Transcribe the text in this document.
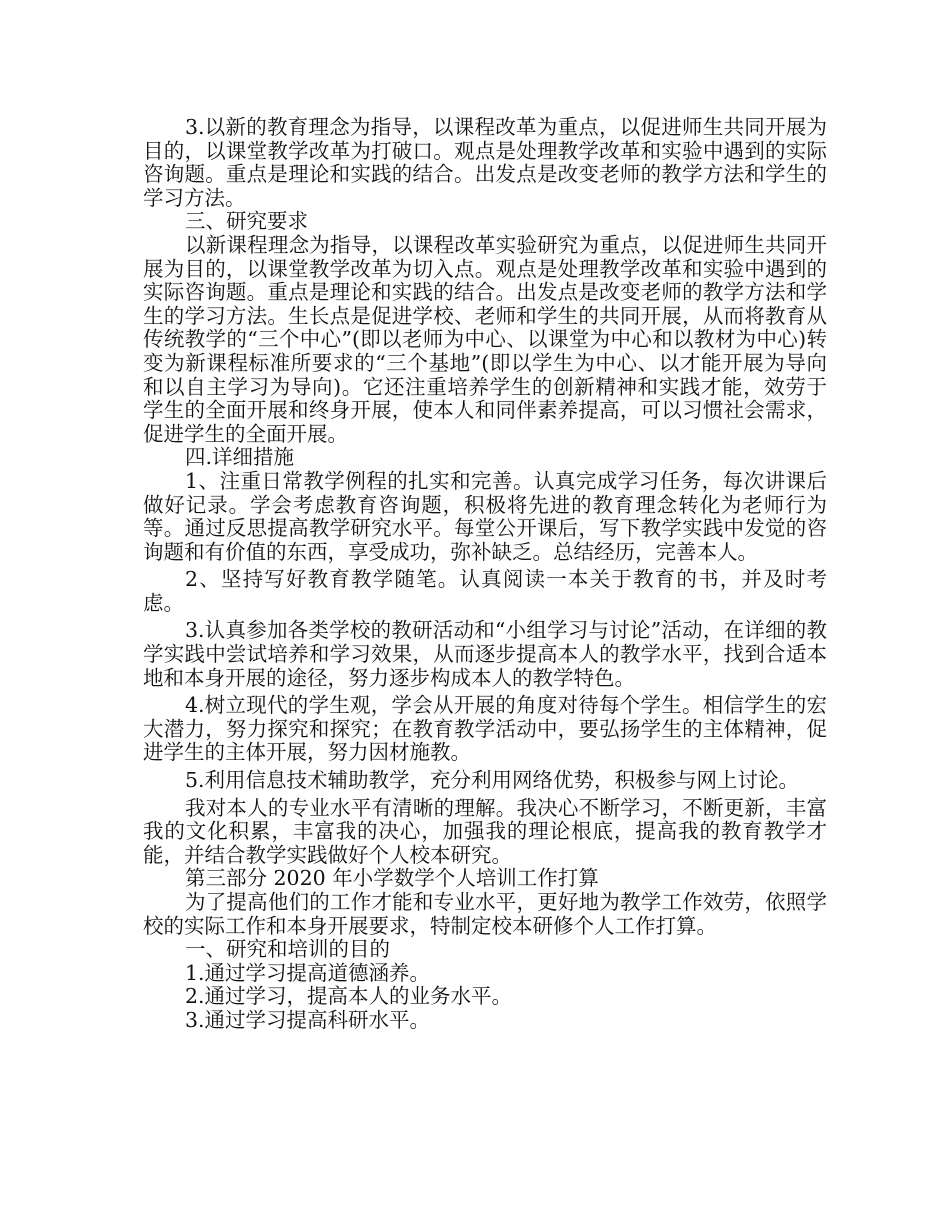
3.以新的教育理念为指导，以课程改革为重点，以促进师生共同开展为目的，以课堂教学改革为打破口。观点是处理教学改革和实验中遇到的实际咨询题。重点是理论和实践的结合。出发点是改变老师的教学方法和学生的学习方法。

三、研究要求

以新课程理念为指导，以课程改革实验研究为重点，以促进师生共同开展为目的，以课堂教学改革为切入点。观点是处理教学改革和实验中遇到的实际咨询题。重点是理论和实践的结合。出发点是改变老师的教学方法和学生的学习方法。生长点是促进学校、老师和学生的共同开展，从而将教育从传统教学的“三个中心”(即以老师为中心、以课堂为中心和以教材为中心)转变为新课程标准所要求的“三个基地”(即以学生为中心、以才能开展为导向和以自主学习为导向)。它还注重培养学生的创新精神和实践才能，效劳于学生的全面开展和终身开展，使本人和同伴素养提高，可以习惯社会需求，促进学生的全面开展。

四.详细措施

1、注重日常教学例程的扎实和完善。认真完成学习任务，每次讲课后做好记录。学会考虑教育咨询题，积极将先进的教育理念转化为老师行为等。通过反思提高教学研究水平。每堂公开课后，写下教学实践中发觉的咨询题和有价值的东西，享受成功，弥补缺乏。总结经历，完善本人。

2、坚持写好教育教学随笔。认真阅读一本关于教育的书，并及时考虑。

3.认真参加各类学校的教研活动和“小组学习与讨论”活动，在详细的教学实践中尝试培养和学习效果，从而逐步提高本人的教学水平，找到合适本地和本身开展的途径，努力逐步构成本人的教学特色。

4.树立现代的学生观，学会从开展的角度对待每个学生。相信学生的宏大潜力，努力探究和探究；在教育教学活动中，要弘扬学生的主体精神，促进学生的主体开展，努力因材施教。

5.利用信息技术辅助教学，充分利用网络优势，积极参与网上讨论。

我对本人的专业水平有清晰的理解。我决心不断学习，不断更新，丰富我的文化积累，丰富我的决心，加强我的理论根底，提高我的教育教学才能，并结合教学实践做好个人校本研究。

第三部分 2020 年小学数学个人培训工作打算

为了提高他们的工作才能和专业水平，更好地为教学工作效劳，依照学校的实际工作和本身开展要求，特制定校本研修个人工作打算。

一、研究和培训的目的

1.通过学习提高道德涵养。

2.通过学习，提高本人的业务水平。

3.通过学习提高科研水平。
